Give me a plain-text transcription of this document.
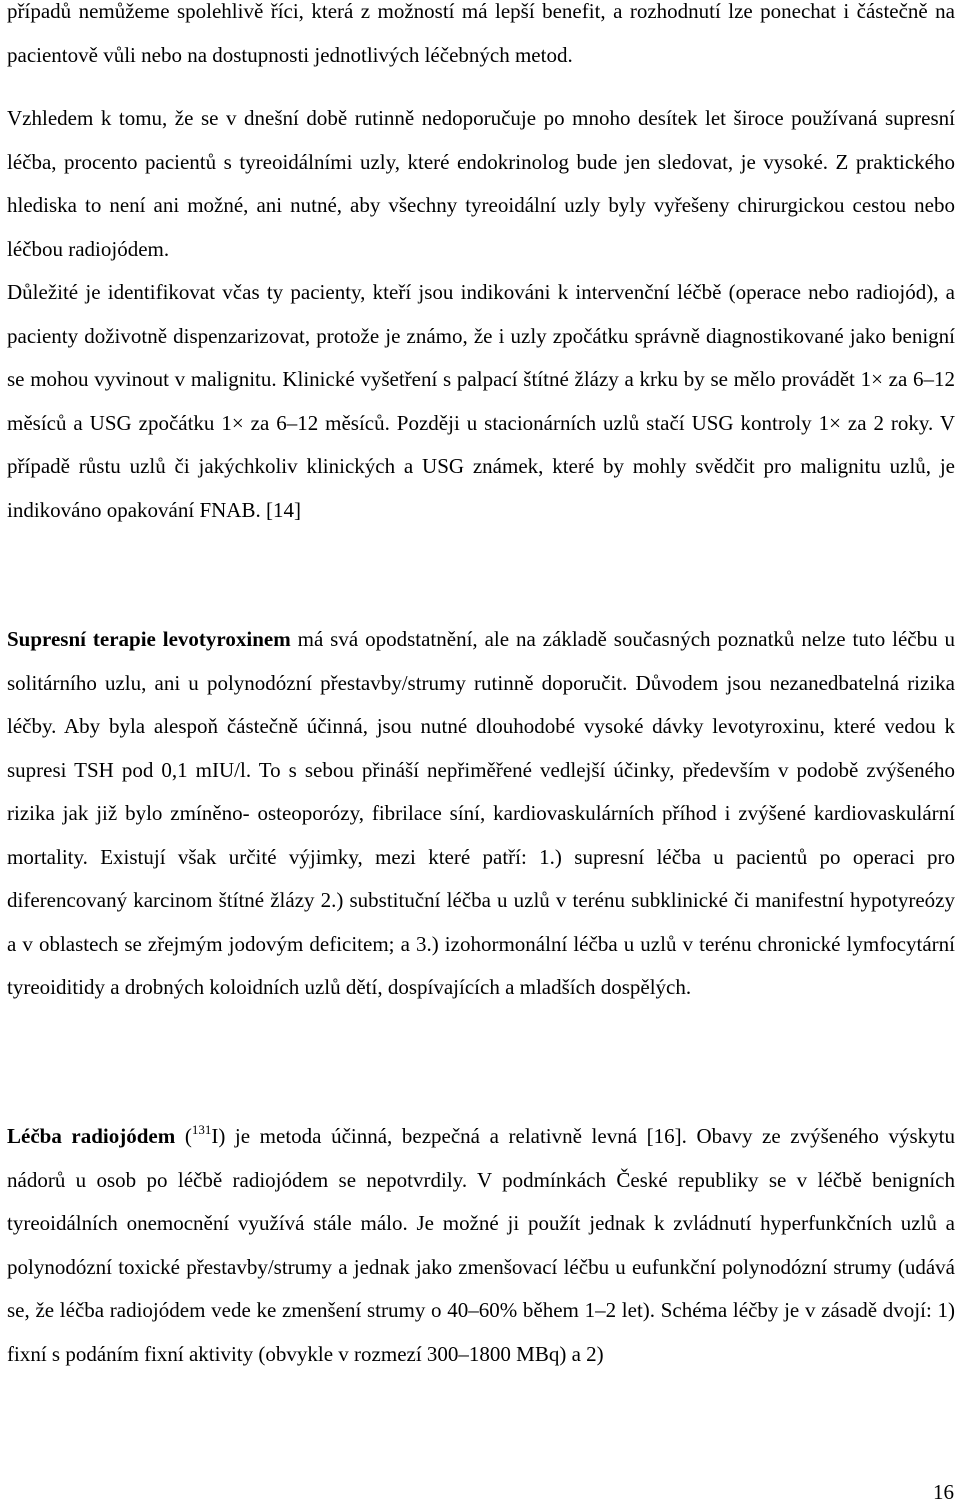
případů nemůžeme spolehlivě říci, která z možností má lepší benefit, a rozhodnutí lze ponechat i částečně na pacientově vůli nebo na dostupnosti jednotlivých léčebných metod.

Vzhledem k tomu, že se v dnešní době rutinně nedoporučuje po mnoho desítek let široce používaná supresní léčba, procento pacientů s tyreoidálními uzly, které endokrinolog bude jen sledovat, je vysoké. Z praktického hlediska to není ani možné, ani nutné, aby všechny tyreoidální uzly byly vyřešeny chirurgickou cestou nebo léčbou radiojódem.

Důležité je identifikovat včas ty pacienty, kteří jsou indikováni k intervenční léčbě (operace nebo radiojód), a pacienty doživotně dispenzarizovat, protože je známo, že i uzly zpočátku správně diagnostikované jako benigní se mohou vyvinout v malignitu. Klinické vyšetření s palpací štítné žlázy a krku by se mělo provádět 1× za 6–12 měsíců a USG zpočátku 1× za 6–12 měsíců. Později u stacionárních uzlů stačí USG kontroly 1× za 2 roky. V případě růstu uzlů či jakýchkoliv klinických a USG známek, které by mohly svědčit pro malignitu uzlů, je indikováno opakování FNAB. [14]

Supresní terapie levotyroxinem má svá opodstatnění, ale na základě současných poznatků nelze tuto léčbu u solitárního uzlu, ani u polynodózní přestavby/strumy rutinně doporučit. Důvodem jsou nezanedbatelná rizika léčby. Aby byla alespoň částečně účinná, jsou nutné dlouhodobé vysoké dávky levotyroxinu, které vedou k supresi TSH pod 0,1 mIU/l. To s sebou přináší nepřiměřené vedlejší účinky, především v podobě zvýšeného rizika jak již bylo zmíněno- osteoporózy, fibrilace síní, kardiovaskulárních příhod i zvýšené kardiovaskulární mortality. Existují však určité výjimky, mezi které patří: 1.) supresní léčba u pacientů po operaci pro diferencovaný karcinom štítné žlázy 2.) substituční léčba u uzlů v terénu subklinické či manifestní hypotyreózy a v oblastech se zřejmým jodovým deficitem; a 3.) izohormonální léčba u uzlů v terénu chronické lymfocytární tyreoiditidy a drobných koloidních uzlů dětí, dospívajících a mladších dospělých.

Léčba radiojódem ($^{131}$I) je metoda účinná, bezpečná a relativně levná [16]. Obavy ze zvýšeného výskytu nádorů u osob po léčbě radiojódem se nepotvrdily. V podmínkách České republiky se v léčbě benigních tyreoidálních onemocnění využívá stále málo. Je možné ji použít jednak k zvládnutí hyperfunkčních uzlů a polynodózní toxické přestavby/strumy a jednak jako zmenšovací léčbu u eufunkční polynodózní strumy (udává se, že léčba radiojódem vede ke zmenšení strumy o 40–60% během 1–2 let). Schéma léčby je v zásadě dvojí: 1) fixní s podáním fixní aktivity (obvykle v rozmezí 300–1800 MBq) a 2)

16
